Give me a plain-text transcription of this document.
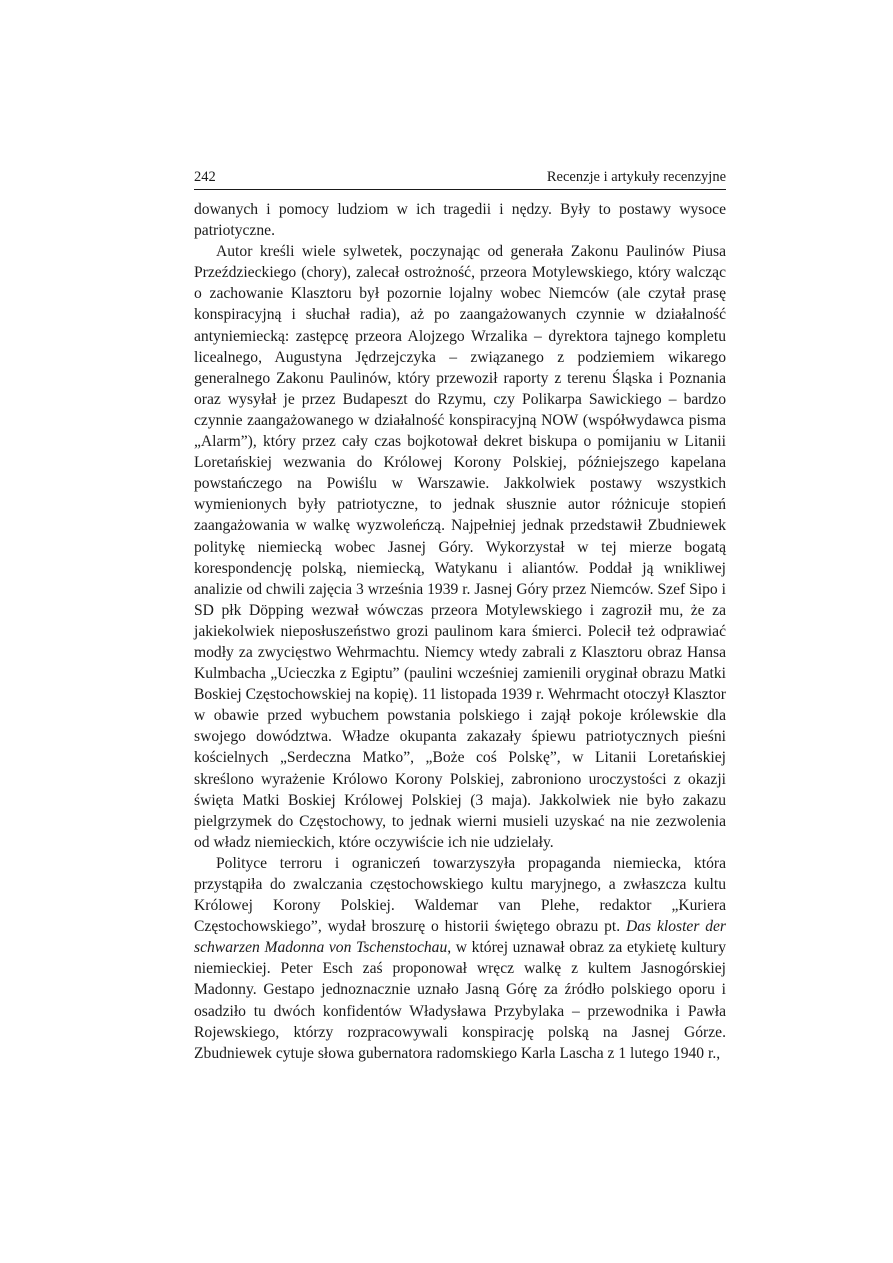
242	Recenzje i artykuły recenzyjne

dowanych i pomocy ludziom w ich tragedii i nędzy. Były to postawy wysoce patriotyczne.

Autor kreśli wiele sylwetek, poczynając od generała Zakonu Paulinów Piusa Przeździeckiego (chory), zalecał ostrożność, przeora Motylewskiego, który walcząc o zachowanie Klasztoru był pozornie lojalny wobec Niemców (ale czytał prasę konspiracyjną i słuchał radia), aż po zaangażowanych czynnie w działalność antyniemiecką: zastępcę przeora Alojzego Wrzalika – dyrektora tajnego kompletu licealnego, Augustyna Jędrzejczyka – związanego z podziemiem wikarego generalnego Zakonu Paulinów, który przewoził raporty z terenu Śląska i Poznania oraz wysyłał je przez Budapeszt do Rzymu, czy Polikarpa Sawickiego – bardzo czynnie zaangażowanego w działalność konspiracyjną NOW (współwydawca pisma „Alarm”), który przez cały czas bojkotował dekret biskupa o pomijaniu w Litanii Loretańskiej wezwania do Królowej Korony Polskiej, późniejszego kapelana powstańczego na Powiślu w Warszawie. Jakkolwiek postawy wszystkich wymienionych były patriotyczne, to jednak słusznie autor różnicuje stopień zaangażowania w walkę wyzwoleńczą. Najpełniej jednak przedstawił Zbudniewek politykę niemiecką wobec Jasnej Góry. Wykorzystał w tej mierze bogatą korespondencję polską, niemiecką, Watykanu i aliantów. Poddał ją wnikliwej analizie od chwili zajęcia 3 września 1939 r. Jasnej Góry przez Niemców. Szef Sipo i SD płk Döpping wezwał wówczas przeora Motylewskiego i zagroził mu, że za jakiekolwiek nieposłuszeństwo grozi paulinom kara śmierci. Polecił też odprawiać modły za zwycięstwo Wehrmachtu. Niemcy wtedy zabrali z Klasztoru obraz Hansa Kulmbacha „Ucieczka z Egiptu” (paulini wcześniej zamienili oryginał obrazu Matki Boskiej Częstochowskiej na kopię). 11 listopada 1939 r. Wehrmacht otoczył Klasztor w obawie przed wybuchem powstania polskiego i zajął pokoje królewskie dla swojego dowództwa. Władze okupanta zakazały śpiewu patriotycznych pieśni kościelnych „Serdeczna Matko”, „Boże coś Polskę”, w Litanii Loretańskiej skreślono wyrażenie Królowo Korony Polskiej, zabroniono uroczystości z okazji święta Matki Boskiej Królowej Polskiej (3 maja). Jakkolwiek nie było zakazu pielgrzymek do Częstochowy, to jednak wierni musieli uzyskać na nie zezwolenia od władz niemieckich, które oczywiście ich nie udzielały.

Polityce terroru i ograniczeń towarzyszyła propaganda niemiecka, która przystąpiła do zwalczania częstochowskiego kultu maryjnego, a zwłaszcza kultu Królowej Korony Polskiej. Waldemar van Plehe, redaktor „Kuriera Częstochowskiego”, wydał broszurę o historii świętego obrazu pt. Das kloster der schwarzen Madonna von Tschenstochau, w której uznawał obraz za etykietę kultury niemieckiej. Peter Esch zaś proponował wręcz walkę z kultem Jasnogórskiej Madonny. Gestapo jednoznacznie uznało Jasną Górę za źródło polskiego oporu i osadziło tu dwóch konfidentów Władysława Przybylaka – przewodnika i Pawła Rojewskiego, którzy rozpracowywali konspirację polską na Jasnej Górze. Zbudniewek cytuje słowa gubernatora radomskiego Karla Lascha z 1 lutego 1940 r.,
